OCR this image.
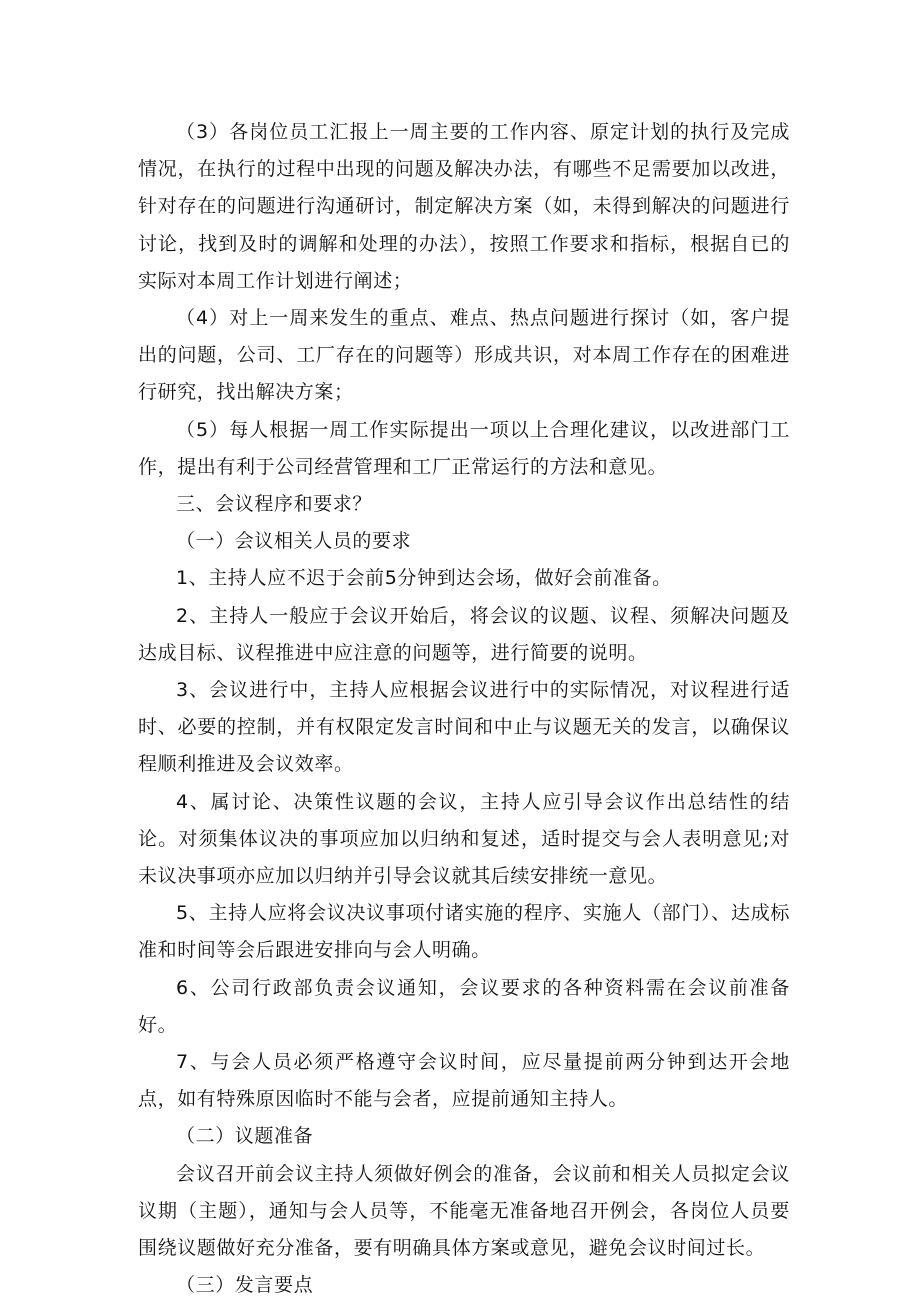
（3）各岗位员工汇报上一周主要的工作内容、原定计划的执行及完成情况，在执行的过程中出现的问题及解决办法，有哪些不足需要加以改进，针对存在的问题进行沟通研讨，制定解决方案（如，未得到解决的问题进行讨论，找到及时的调解和处理的办法），按照工作要求和指标，根据自已的实际对本周工作计划进行阐述；

（4）对上一周来发生的重点、难点、热点问题进行探讨（如，客户提出的问题，公司、工厂存在的问题等）形成共识，对本周工作存在的困难进行研究，找出解决方案；

（5）每人根据一周工作实际提出一项以上合理化建议，以改进部门工作，提出有利于公司经营管理和工厂正常运行的方法和意见。

三、会议程序和要求？

（一）会议相关人员的要求

1、主持人应不迟于会前5分钟到达会场，做好会前准备。

2、主持人一般应于会议开始后，将会议的议题、议程、须解决问题及达成目标、议程推进中应注意的问题等，进行简要的说明。

3、会议进行中，主持人应根据会议进行中的实际情况，对议程进行适时、必要的控制，并有权限定发言时间和中止与议题无关的发言，以确保议程顺利推进及会议效率。

4、属讨论、决策性议题的会议，主持人应引导会议作出总结性的结论。对须集体议决的事项应加以归纳和复述，适时提交与会人表明意见;对未议决事项亦应加以归纳并引导会议就其后续安排统一意见。

5、主持人应将会议决议事项付诸实施的程序、实施人（部门）、达成标准和时间等会后跟进安排向与会人明确。

6、公司行政部负责会议通知，会议要求的各种资料需在会议前准备好。

7、与会人员必须严格遵守会议时间，应尽量提前两分钟到达开会地点，如有特殊原因临时不能与会者，应提前通知主持人。

（二）议题准备

会议召开前会议主持人须做好例会的准备，会议前和相关人员拟定会议议期（主题），通知与会人员等，不能毫无准备地召开例会，各岗位人员要围绕议题做好充分准备，要有明确具体方案或意见，避免会议时间过长。

（三）发言要点
